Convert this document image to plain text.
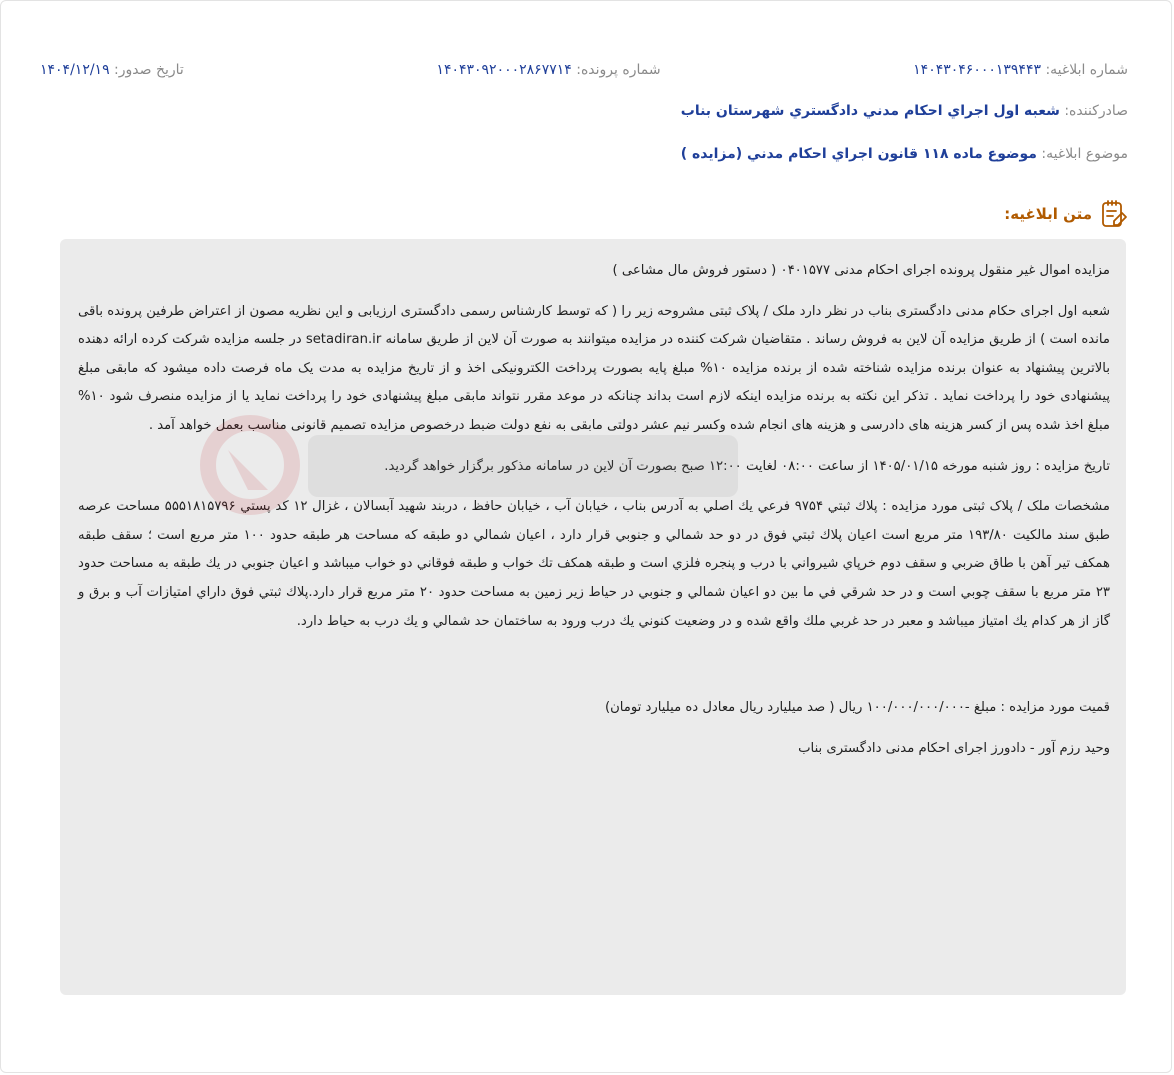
شماره ابلاغيه: ۱۴۰۴۳۰۴۶۰۰۰۱۳۹۴۴۳
شماره پرونده: ۱۴۰۴۳۰۹۲۰۰۰۲۸۶۷۷۱۴
تاریخ صدور: ۱۴۰۴/۱۲/۱۹
صادرکننده: شعبه اول اجراي احكام مدني دادگستري شهرستان بناب
موضوع ابلاغيه: موضوع ماده ۱۱۸ قانون اجراي احكام مدني (مزايده )
متن ابلاغیه:

مزایده اموال غیر منقول پرونده اجرای احکام مدنی ۰۴۰۱۵۷۷ ( دستور فروش مال مشاعی )

شعبه اول اجرای حکام مدنی دادگستری بناب در نظر دارد ملک / پلاک ثبتی مشروحه زیر را ( که توسط کارشناس رسمی دادگستری ارزیابی و این نظریه مصون از اعتراض طرفین پرونده باقی مانده است ) از طریق مزایده آن لاین به فروش رساند . متقاضیان شرکت کننده در مزایده میتوانند به صورت آن لاین از طریق سامانه setadiran.ir در جلسه مزایده شرکت کرده ارائه دهنده بالاترین پیشنهاد به عنوان برنده مزایده شناخته شده از برنده مزایده ۱۰% مبلغ پایه بصورت پرداخت الکترونیکی اخذ و از تاریخ مزایده به مدت یک ماه فرصت داده میشود که مابقی مبلغ پیشنهادی خود را پرداخت نماید . تذکر این نکته به برنده مزایده اینکه لازم است بداند چنانکه در موعد مقرر نتواند مابقی مبلغ پیشنهادی خود را پرداخت نماید یا از مزایده منصرف شود ۱۰% مبلغ اخذ شده پس از کسر هزینه های دادرسی و هزینه های انجام شده وکسر نیم عشر دولتی مابقی به نفع دولت ضبط درخصوص مزایده تصمیم قانونی مناسب بعمل خواهد آمد .

تاریخ مزایده : روز شنبه مورخه ۱۴۰۵/۰۱/۱۵ از ساعت ۰۸:۰۰ لغایت ۱۲:۰۰ صبح بصورت آن لاین در سامانه مذکور برگزار خواهد گردید.

مشخصات ملک / پلاک ثبتی مورد مزایده : پلاك ثبتي ۹۷۵۴ فرعي يك اصلي به آدرس بناب ، خيابان آب ، خيابان حافظ ، دربند شهيد آبسالان ، غزال ۱۲ كد پستي ۵۵۵۱۸۱۵۷۹۶ مساحت عرصه طبق سند مالكيت ۱۹۳/۸۰ متر مربع است اعيان پلاك ثبتي فوق در دو حد شمالي و جنوبي قرار دارد ، اعيان شمالي دو طبقه كه مساحت هر طبقه حدود ۱۰۰ متر مربع است ؛ سقف طبقه همكف تير آهن با طاق ضربي و سقف دوم خرپاي شيرواني با درب و پنجره فلزي است و طبقه همكف تك خواب و طبقه فوقاني دو خواب ميباشد و اعيان جنوبي در يك طبقه به مساحت حدود ۲۳ متر مربع با سقف چوبي است و در حد شرقي في ما بين دو اعيان شمالي و جنوبي در حياط زير زمين به مساحت حدود ۲۰ متر مربع قرار دارد.پلاك ثبتي فوق داراي امتيازات آب و برق و گاز از هر كدام يك امتياز ميباشد و معبر در حد غربي ملك واقع شده و در وضعيت كنوني يك درب ورود به ساختمان حد شمالي و يك درب به حياط دارد.

قمیت مورد مزایده : مبلغ -۱۰۰/۰۰۰/۰۰۰/۰۰۰ ریال ( صد میلیارد ریال معادل ده میلیارد تومان)

وحید رزم آور - دادورز اجرای احکام مدنی دادگستری بناب
